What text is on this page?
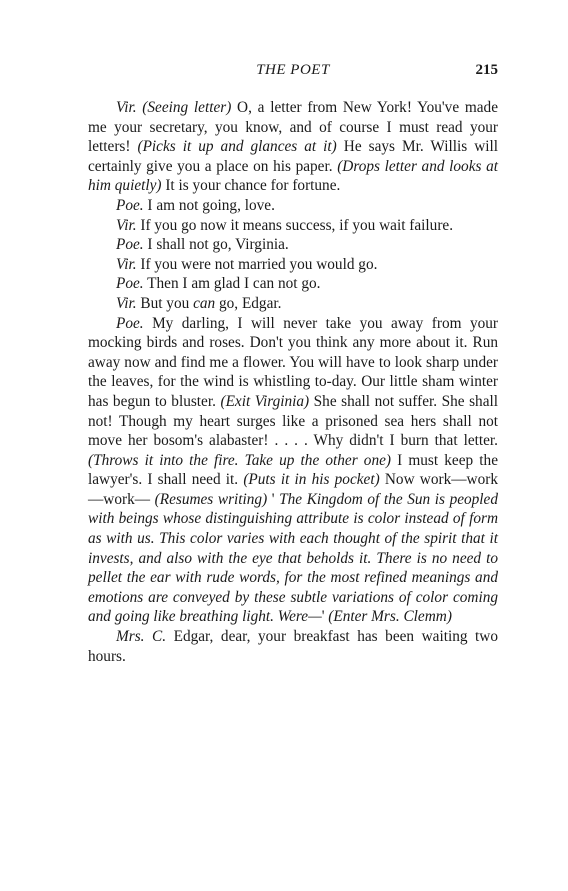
THE POET	215

Vir. (Seeing letter) O, a letter from New York! You've made me your secretary, you know, and of course I must read your letters! (Picks it up and glances at it) He says Mr. Willis will certainly give you a place on his paper. (Drops letter and looks at him quietly) It is your chance for fortune.

Poe. I am not going, love.

Vir. If you go now it means success, if you wait failure.

Poe. I shall not go, Virginia.

Vir. If you were not married you would go.

Poe. Then I am glad I can not go.

Vir. But you can go, Edgar.

Poe. My darling, I will never take you away from your mocking birds and roses. Don't you think any more about it. Run away now and find me a flower. You will have to look sharp under the leaves, for the wind is whistling to-day. Our little sham winter has begun to bluster. (Exit Virginia) She shall not suffer. She shall not! Though my heart surges like a prisoned sea hers shall not move her bosom's alabaster! . . . . Why didn't I burn that letter. (Throws it into the fire. Take up the other one) I must keep the lawyer's. I shall need it. (Puts it in his pocket) Now work—work—work— (Resumes writing) ' The Kingdom of the Sun is peopled with beings whose distinguishing attribute is color instead of form as with us. This color varies with each thought of the spirit that it invests, and also with the eye that beholds it. There is no need to pellet the ear with rude words, for the most refined meanings and emotions are conveyed by these subtle variations of color coming and going like breathing light. Were—' (Enter Mrs. Clemm)

Mrs. C. Edgar, dear, your breakfast has been waiting two hours.
